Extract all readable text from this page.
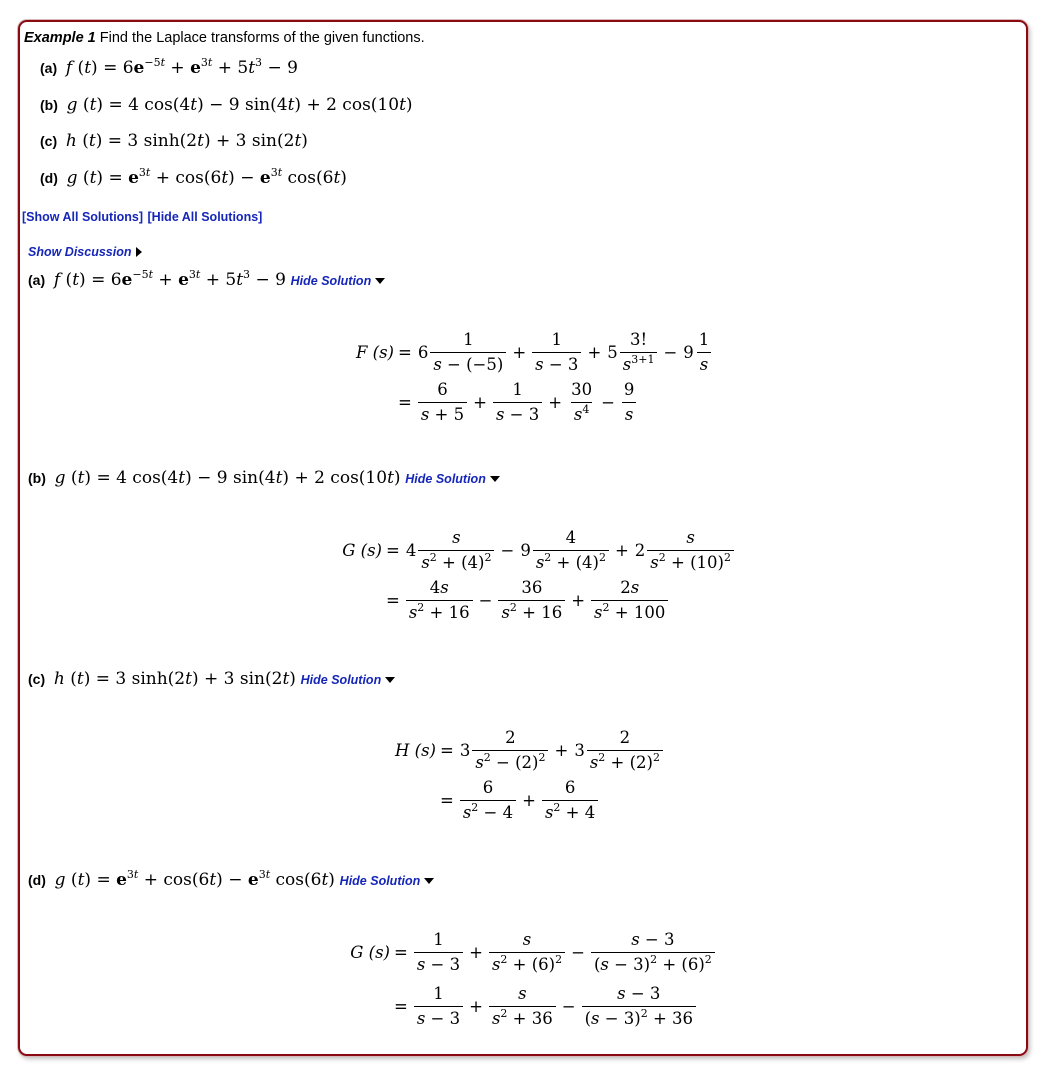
Example 1 Find the Laplace transforms of the given functions.
(a) f $(t) = 6e^{-5t} + e^{3t} + 5t^3 - 9$
(b) g (t) = 4 cos(4t) − 9 sin(4t) + 2 cos(10t)
(c) h (t) = 3 sinh(2t) + 3 sin(2t)
(d) g $(t) = e^{3t} + \cos(6t) - e^{3t}$ cos(6t)
[Show All Solutions] [Hide All Solutions]
Show Discussion
(a) f $(t) = 6e^{-5t} + e^{3t} + 5t^3 - 9$ Hide Solution
F $(s) = 6 \frac{1}{s - (-5)} + \frac{1}{s - 3} + 5 \frac{3!}{s^{3+1}} - 9 \frac{1}{s}$
= $\frac{6}{s + 5} + \frac{1}{s - 3} + \frac{30}{s^4} - \frac{9}{s}$
(b) g (t) = 4 cos(4t) − 9 sin(4t) + 2 cos(10t) Hide Solution
G $(s) = 4 \frac{s}{s^2 + (4)^2} - 9 \frac{4}{s^2 + (4)^2} + 2 \frac{s}{s^2 + (10)^2}$
= $\frac{4s}{s^2 + 16} - \frac{36}{s^2 + 16} + \frac{2s}{s^2 + 100}$
(c) h (t) = 3 sinh(2t) + 3 sin(2t) Hide Solution
H $(s) = 3 \frac{2}{s^2 - (2)^2} + 3 \frac{2}{s^2 + (2)^2}$
= $\frac{6}{s^2 - 4} + \frac{6}{s^2 + 4}$
(d) g $(t) = e^{3t} + \cos(6t) - e^{3t}$ cos(6t) Hide Solution
G $(s) = \frac{1}{s - 3} + \frac{s}{s^2 + (6)^2} - \frac{s - 3}{(s - 3)^2 + (6)^2}$
= $\frac{1}{s - 3} + \frac{s}{s^2 + 36} - \frac{s - 3}{(s - 3)^2 + 36}$
